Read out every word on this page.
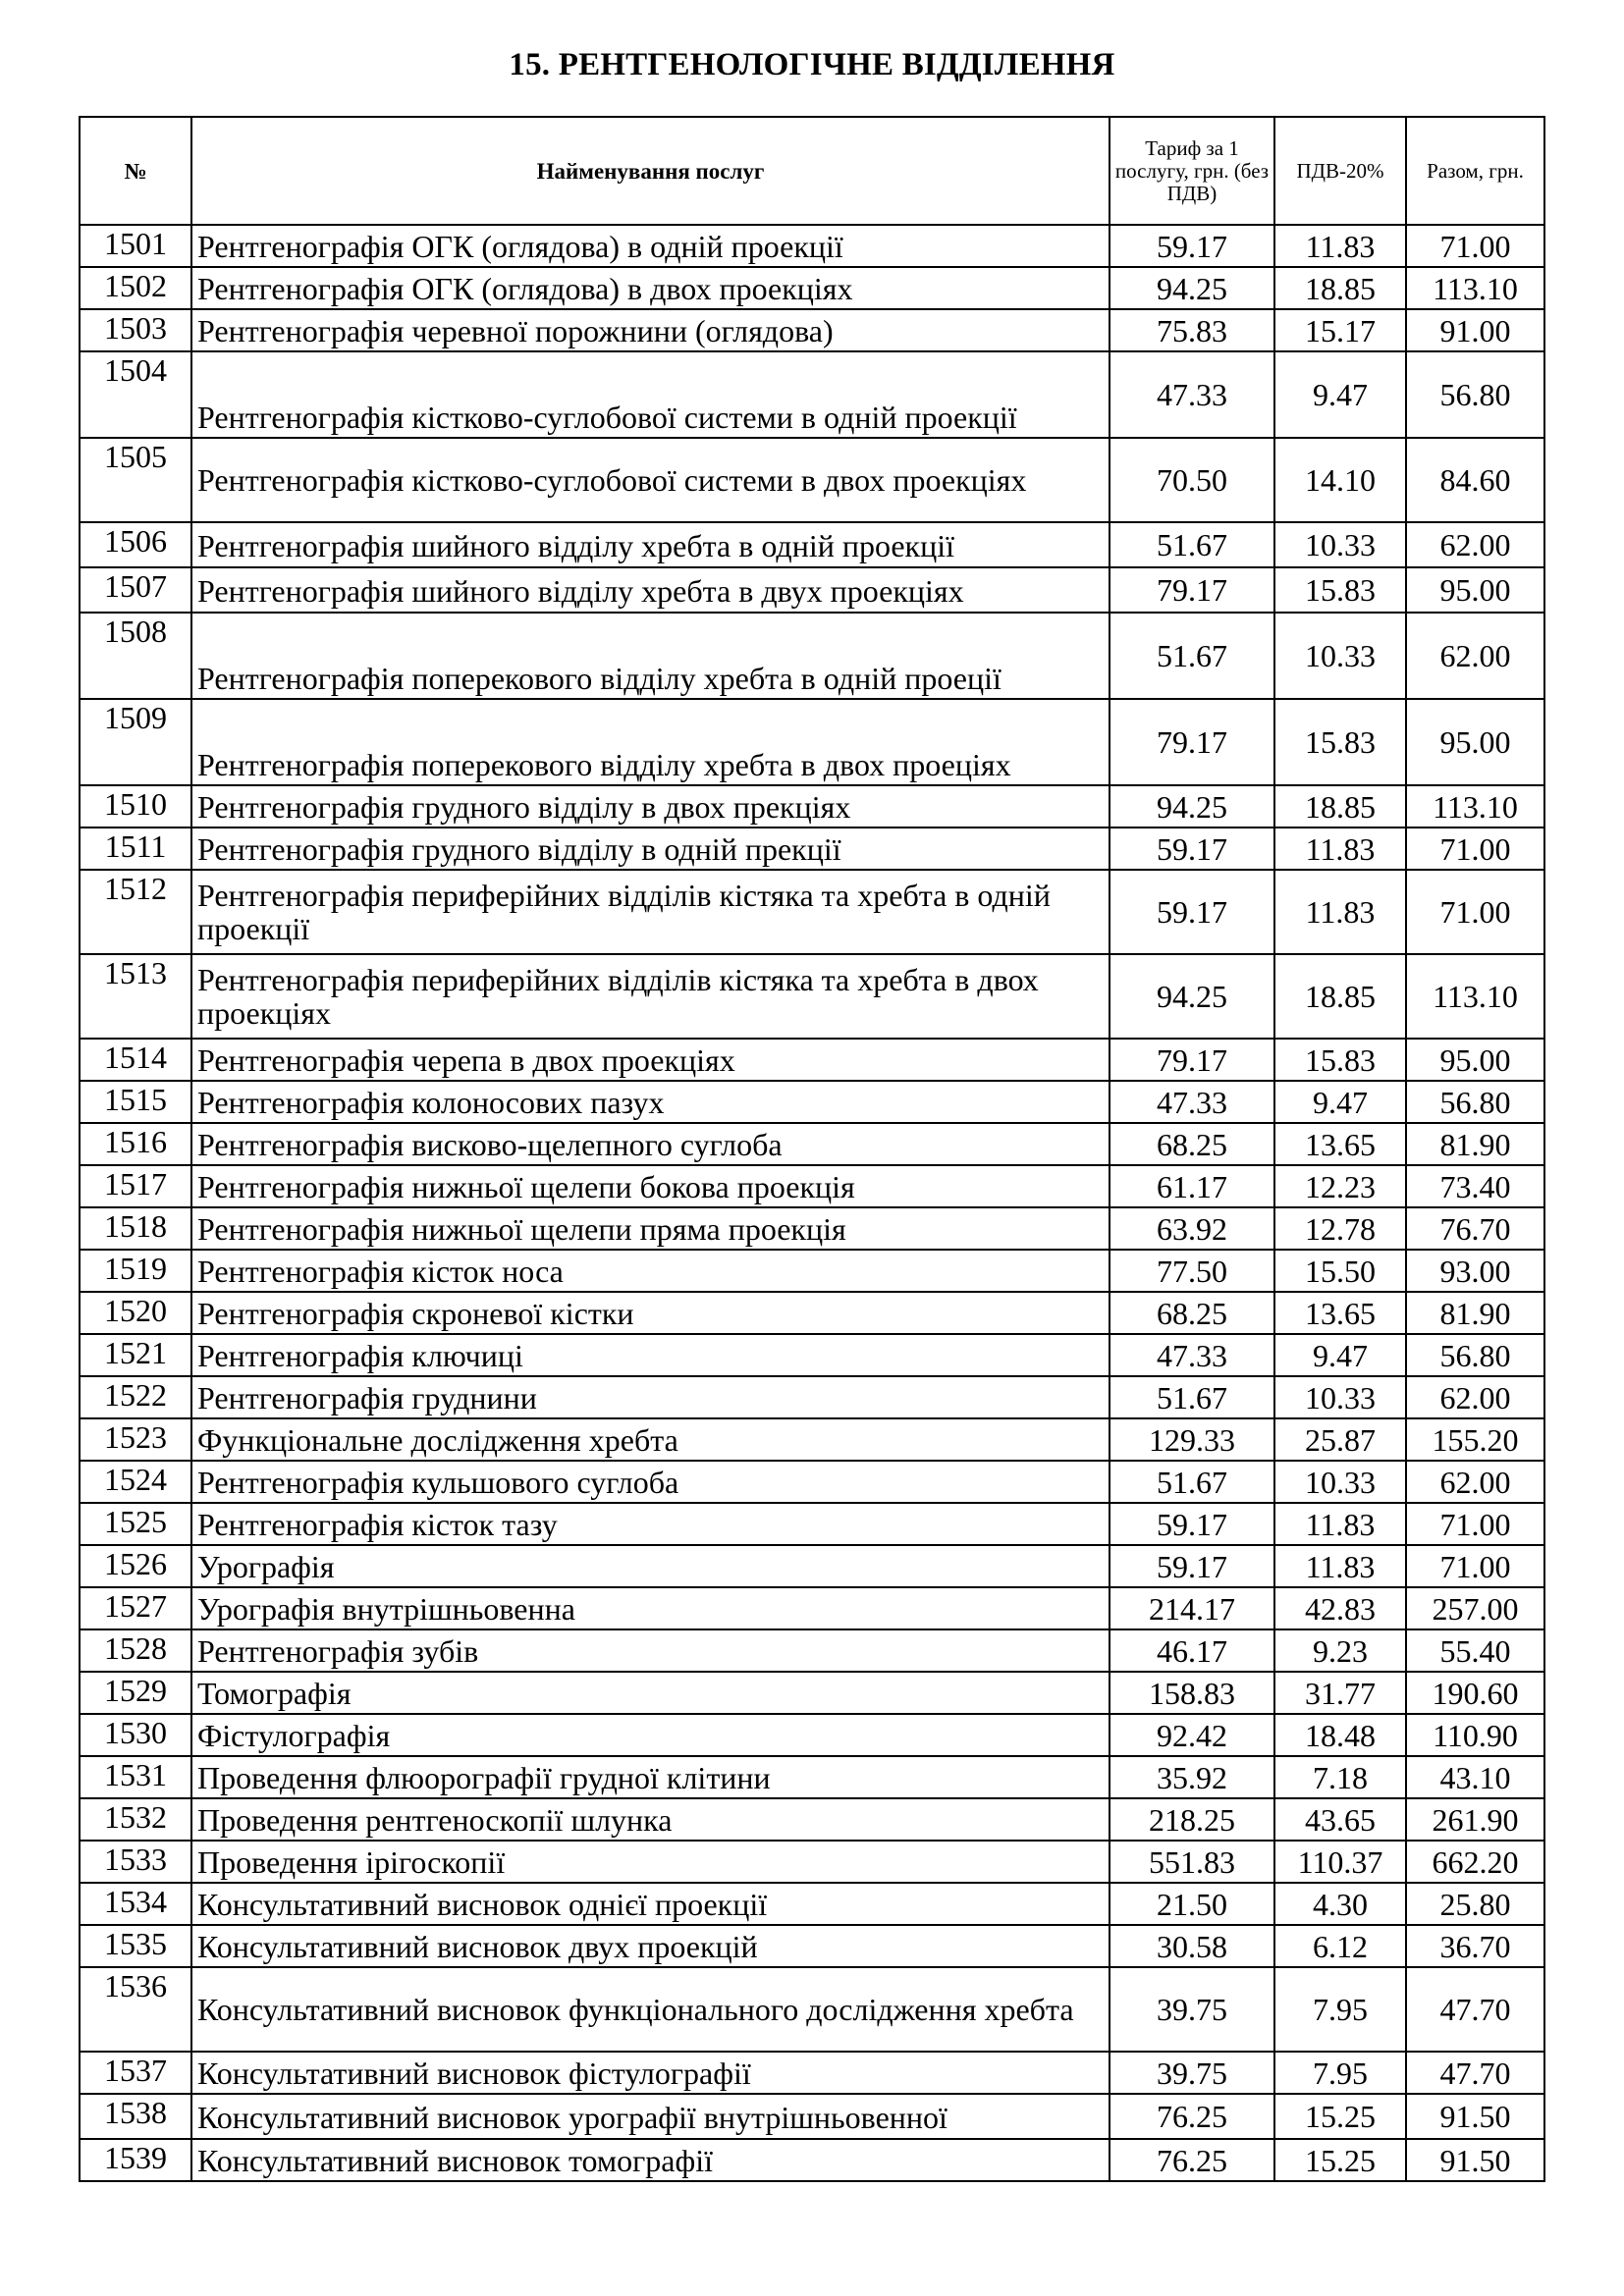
15. РЕНТГЕНОЛОГІЧНЕ ВІДДІЛЕННЯ
№	Найменування послуг	Тариф за 1 послугу, грн. (без ПДВ)	ПДВ-20%	Разом, грн.
1501	Рентгенографія ОГК (оглядова) в одній проекції	59.17	11.83	71.00
1502	Рентгенографія ОГК (оглядова) в двох проекціях	94.25	18.85	113.10
1503	Рентгенографія черевної порожнини (оглядова)	75.83	15.17	91.00
1504	Рентгенографія кістково-суглобової системи в одній проекції	47.33	9.47	56.80
1505	Рентгенографія кістково-суглобової системи в двох проекціях	70.50	14.10	84.60
1506	Рентгенографія шийного відділу хребта в одній проекції	51.67	10.33	62.00
1507	Рентгенографія шийного відділу хребта в двух проекціях	79.17	15.83	95.00
1508	Рентгенографія поперекового відділу хребта в одній проеції	51.67	10.33	62.00
1509	Рентгенографія поперекового відділу хребта в двох проеціях	79.17	15.83	95.00
1510	Рентгенографія грудного відділу в двох прекціях	94.25	18.85	113.10
1511	Рентгенографія грудного відділу в одній прекції	59.17	11.83	71.00
1512	Рентгенографія периферійних відділів кістяка та хребта в одній проекції	59.17	11.83	71.00
1513	Рентгенографія периферійних відділів кістяка та хребта в двох проекціях	94.25	18.85	113.10
1514	Рентгенографія черепа в двох проекціях	79.17	15.83	95.00
1515	Рентгенографія колоносових пазух	47.33	9.47	56.80
1516	Рентгенографія висково-щелепного суглоба	68.25	13.65	81.90
1517	Рентгенографія нижньої щелепи бокова проекція	61.17	12.23	73.40
1518	Рентгенографія нижньої щелепи пряма проекція	63.92	12.78	76.70
1519	Рентгенографія кісток носа	77.50	15.50	93.00
1520	Рентгенографія скроневої кістки	68.25	13.65	81.90
1521	Рентгенографія ключиці	47.33	9.47	56.80
1522	Рентгенографія груднини	51.67	10.33	62.00
1523	Функціональне дослідження хребта	129.33	25.87	155.20
1524	Рентгенографія кульшового суглоба	51.67	10.33	62.00
1525	Рентгенографія кісток тазу	59.17	11.83	71.00
1526	Урографія	59.17	11.83	71.00
1527	Урографія внутрішньовенна	214.17	42.83	257.00
1528	Рентгенографія зубів	46.17	9.23	55.40
1529	Томографія	158.83	31.77	190.60
1530	Фістулографія	92.42	18.48	110.90
1531	Проведення флюорографії грудної клітини	35.92	7.18	43.10
1532	Проведення рентгеноскопії шлунка	218.25	43.65	261.90
1533	Проведення ірігоскопії	551.83	110.37	662.20
1534	Консультативний висновок однієї проекції	21.50	4.30	25.80
1535	Консультативний висновок двух проекцій	30.58	6.12	36.70
1536	Консультативний висновок функціонального дослідження хребта	39.75	7.95	47.70
1537	Консультативний висновок фістулографії	39.75	7.95	47.70
1538	Консультативний висновок урографії внутрішньовенної	76.25	15.25	91.50
1539	Консультативний висновок томографії	76.25	15.25	91.50
